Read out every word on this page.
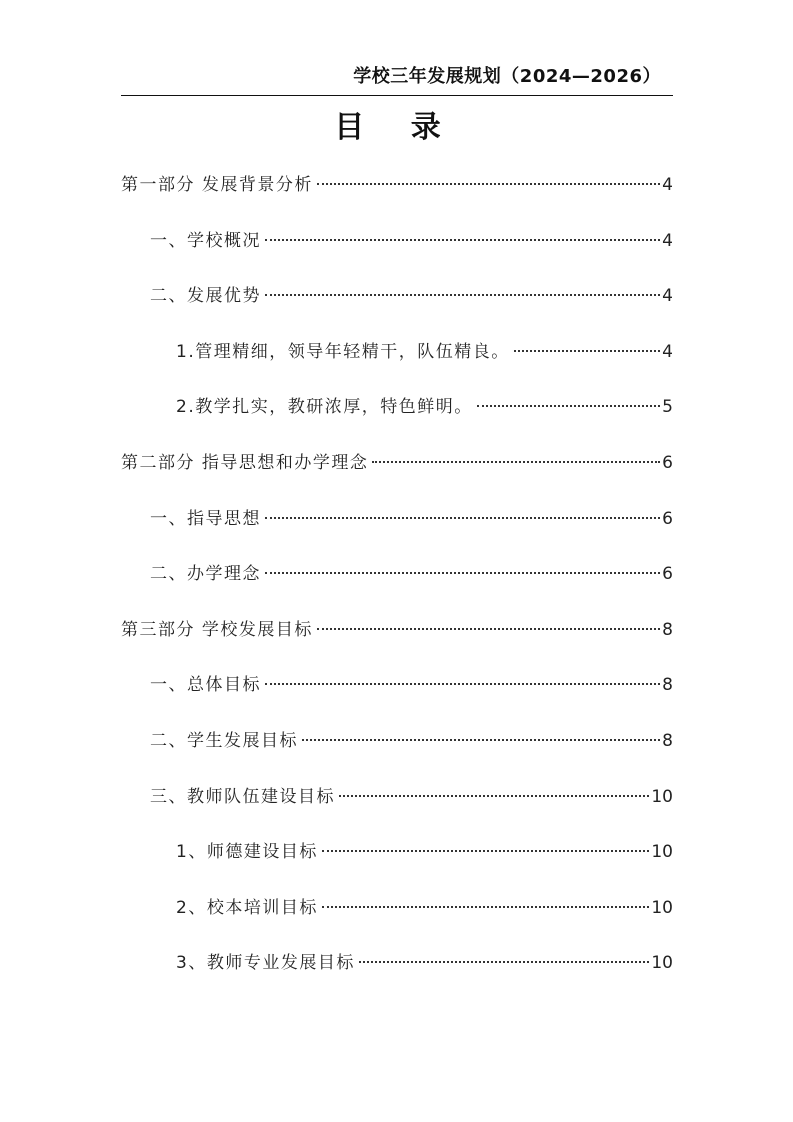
学校三年发展规划（2024—2026）
目 录
第一部分 发展背景分析	4
一、学校概况	4
二、发展优势	4
1.管理精细，领导年轻精干，队伍精良。	4
2.教学扎实，教研浓厚，特色鲜明。	5
第二部分 指导思想和办学理念	6
一、指导思想	6
二、办学理念	6
第三部分 学校发展目标	8
一、总体目标	8
二、学生发展目标	8
三、教师队伍建设目标	10
1、师德建设目标	10
2、校本培训目标	10
3、教师专业发展目标	10
